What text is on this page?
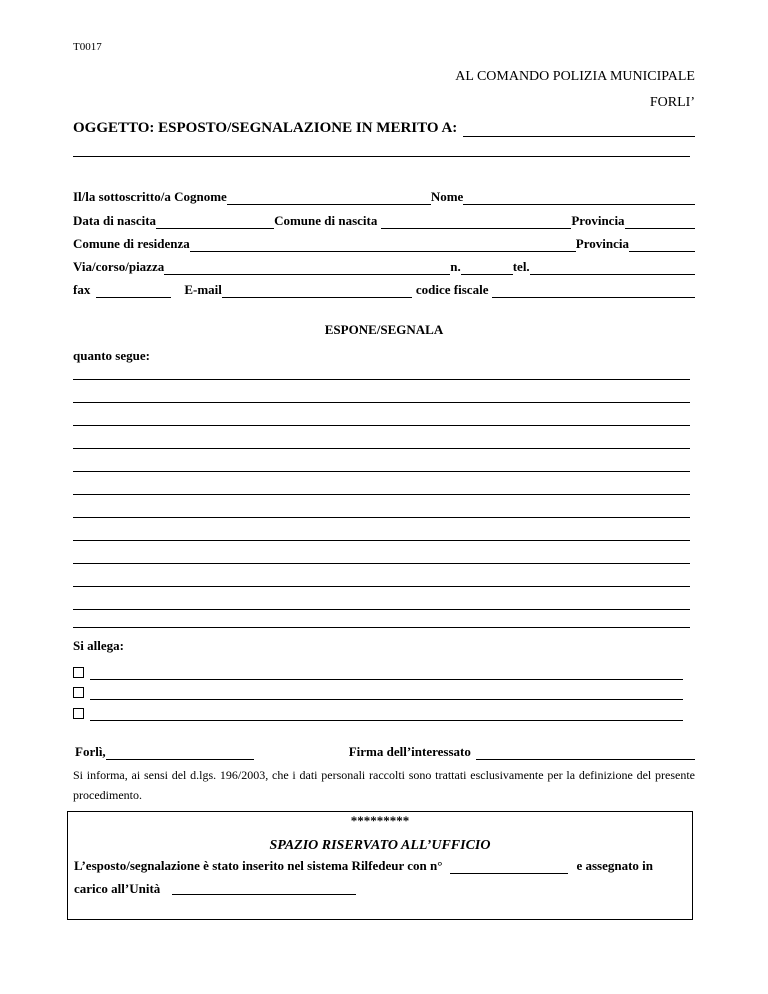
T0017
AL COMANDO POLIZIA MUNICIPALE
FORLI’
OGGETTO: ESPOSTO/SEGNALAZIONE IN MERITO A:
Il/la sottoscritto/a Cognome	Nome
Data di nascita	Comune di nascita	Provincia
Comune di residenza	Provincia
Via/corso/piazza	n.	tel.
fax	E-mail	codice fiscale
ESPONE/SEGNALA
quanto segue:
Si allega:
Forlì,	Firma dell’interessato
Si informa, ai sensi del d.lgs. 196/2003, che i dati personali raccolti sono trattati esclusivamente per la definizione del presente procedimento.
*********
SPAZIO RISERVATO ALL’UFFICIO
L’esposto/segnalazione è stato inserito nel sistema Rilfedeur con n°	e assegnato in
carico all’Unità
